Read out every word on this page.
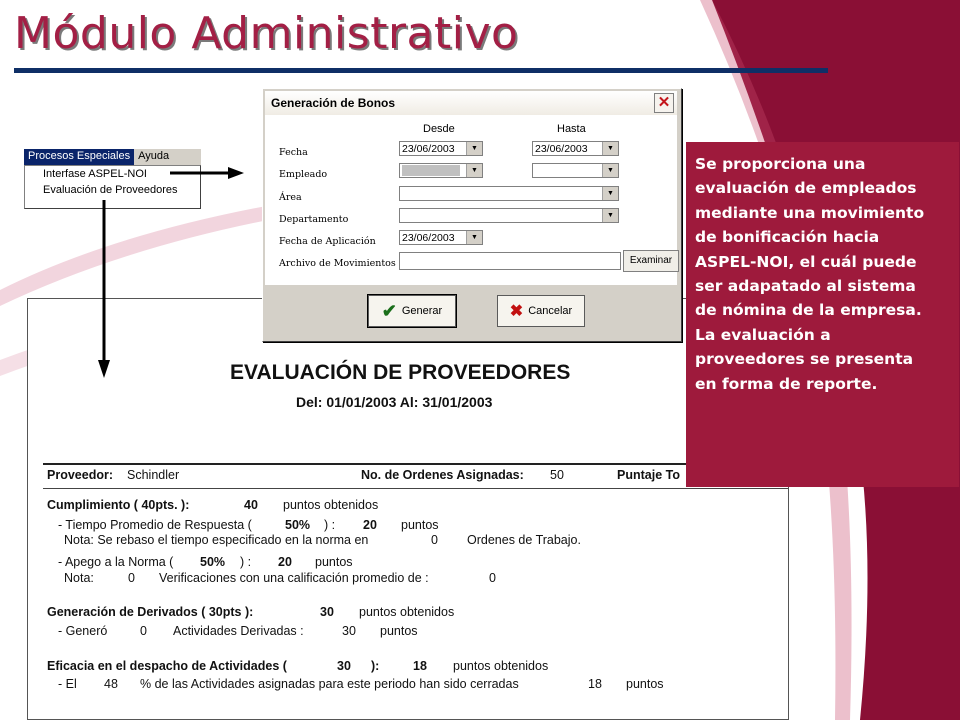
Módulo Administrativo
Procesos Especiales Ayuda
Interfase ASPEL-NOI
Evaluación de Proveedores
EVALUACIÓN DE PROVEEDORES
Del: 01/01/2003 Al: 31/01/2003
Proveedor: Schindler	No. de Ordenes Asignadas: 50	Puntaje To
Cumplimiento ( 40pts. ):	40 puntos obtenidos
- Tiempo Promedio de Respuesta (	50% ) : 20 puntos
Nota: Se rebaso el tiempo especificado en la norma en	0 Ordenes de Trabajo.
- Apego a la Norma ( 50% ) : 20 puntos
Nota:	0 Verificaciones con una calificación promedio de :	0
Generación de Derivados ( 30pts ):	30 puntos obtenidos
- Generó	0 Actividades Derivadas :	30 puntos
Eficacia en el despacho de Actividades (	30 ):	18 puntos obtenidos
- El 48 % de las Actividades asignadas para este periodo han sido cerradas	18 puntos
Generación de Bonos	✕
Desde	Hasta
Fecha	23/06/2003	▼	23/06/2003	▼
Empleado	▼	▼
Área	▼
Departamento	▼
Fecha de Aplicación	23/06/2003	▼
Archivo de Movimientos	Examinar
✔ Generar	✖ Cancelar
Se proporciona una evaluación de empleados mediante una movimiento de bonificación hacia ASPEL-NOI, el cuál puede ser adapatado al sistema de nómina de la empresa. La evaluación a proveedores se presenta en forma de reporte.
